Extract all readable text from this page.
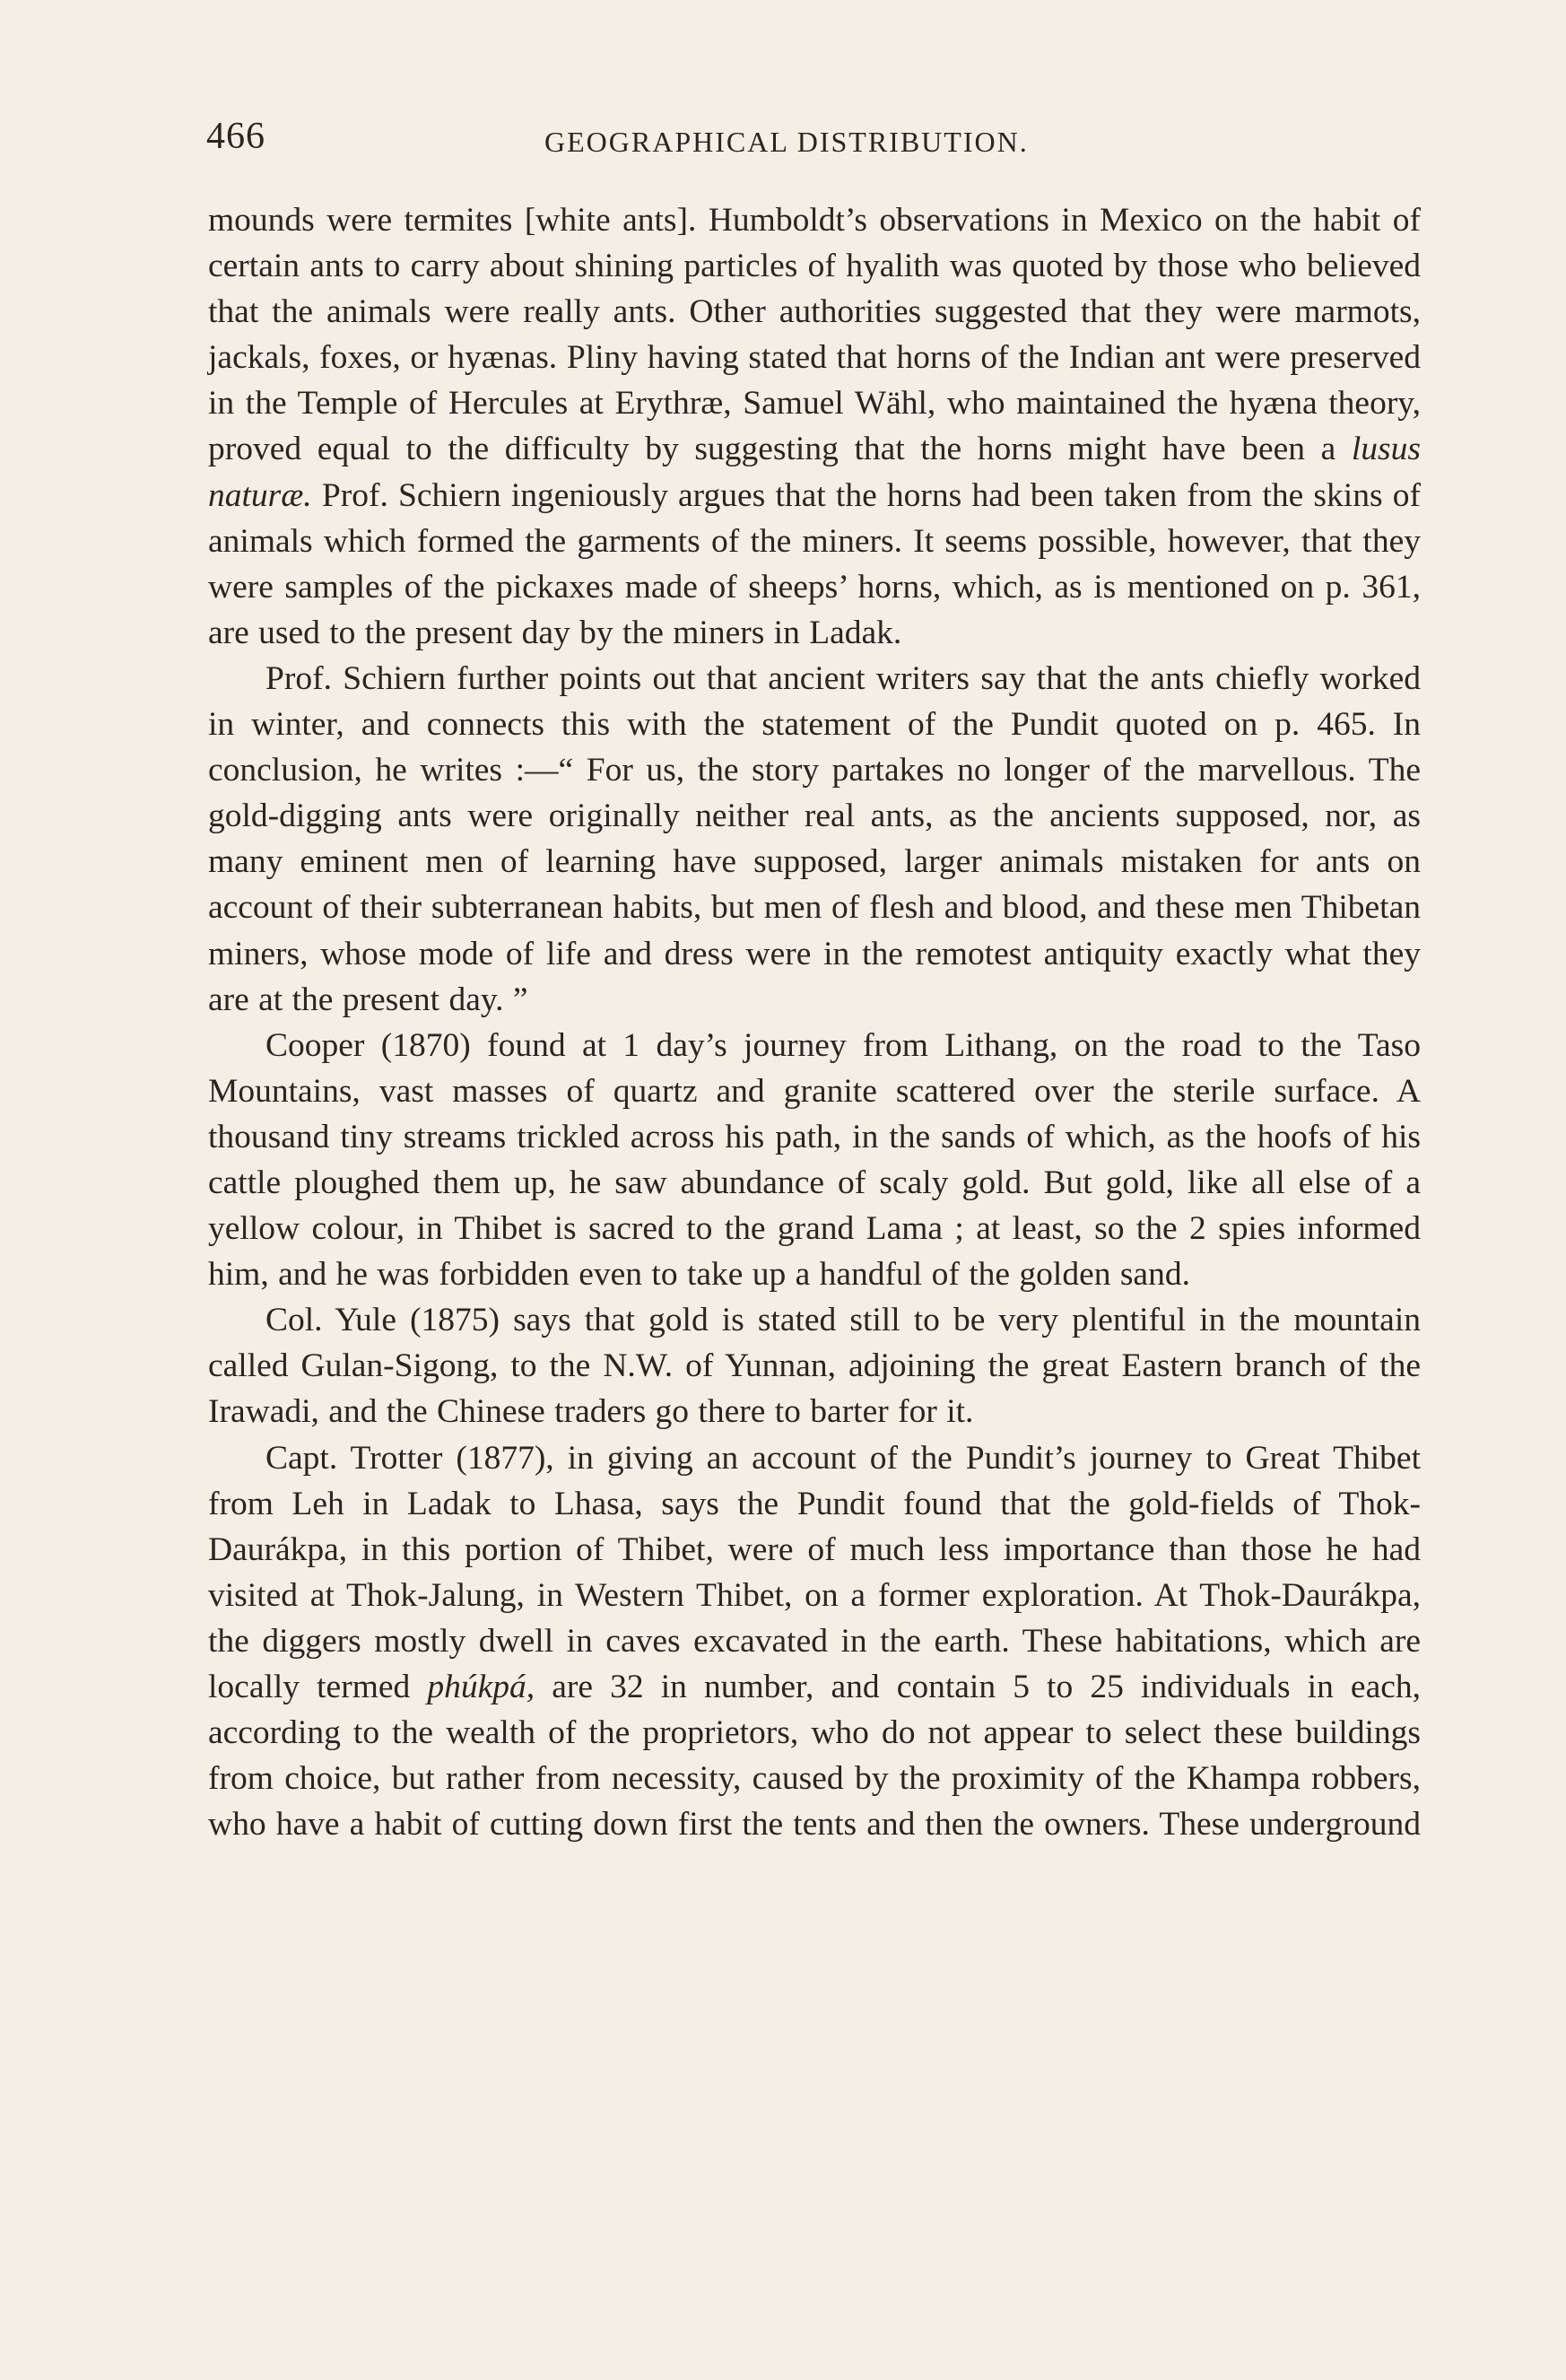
466	GEOGRAPHICAL DISTRIBUTION.

mounds were termites [white ants]. Humboldt’s observations in Mexico on the habit of certain ants to carry about shining particles of hyalith was quoted by those who believed that the animals were really ants. Other authorities suggested that they were marmots, jackals, foxes, or hyænas. Pliny having stated that horns of the Indian ant were preserved in the Temple of Hercules at Erythræ, Samuel Wähl, who maintained the hyæna theory, proved equal to the difficulty by suggesting that the horns might have been a lusus naturæ. Prof. Schiern ingeniously argues that the horns had been taken from the skins of animals which formed the garments of the miners. It seems possible, however, that they were samples of the pickaxes made of sheeps’ horns, which, as is mentioned on p. 361, are used to the present day by the miners in Ladak.

Prof. Schiern further points out that ancient writers say that the ants chiefly worked in winter, and connects this with the statement of the Pundit quoted on p. 465. In conclusion, he writes :—“ For us, the story partakes no longer of the marvellous. The gold-digging ants were originally neither real ants, as the ancients supposed, nor, as many eminent men of learning have supposed, larger animals mistaken for ants on account of their subterranean habits, but men of flesh and blood, and these men Thibetan miners, whose mode of life and dress were in the remotest antiquity exactly what they are at the present day. ”

Cooper (1870) found at 1 day’s journey from Lithang, on the road to the Taso Mountains, vast masses of quartz and granite scattered over the sterile surface. A thousand tiny streams trickled across his path, in the sands of which, as the hoofs of his cattle ploughed them up, he saw abundance of scaly gold. But gold, like all else of a yellow colour, in Thibet is sacred to the grand Lama ; at least, so the 2 spies informed him, and he was forbidden even to take up a handful of the golden sand.

Col. Yule (1875) says that gold is stated still to be very plentiful in the mountain called Gulan-Sigong, to the N.W. of Yunnan, adjoining the great Eastern branch of the Irawadi, and the Chinese traders go there to barter for it.

Capt. Trotter (1877), in giving an account of the Pundit’s journey to Great Thibet from Leh in Ladak to Lhasa, says the Pundit found that the gold-fields of Thok-Daurákpa, in this portion of Thibet, were of much less importance than those he had visited at Thok-Jalung, in Western Thibet, on a former exploration. At Thok-Daurákpa, the diggers mostly dwell in caves excavated in the earth. These habitations, which are locally termed phúkpá, are 32 in number, and contain 5 to 25 individuals in each, according to the wealth of the proprietors, who do not appear to select these buildings from choice, but rather from necessity, caused by the proximity of the Khampa robbers, who have a habit of cutting down first the tents and then the owners. These underground
